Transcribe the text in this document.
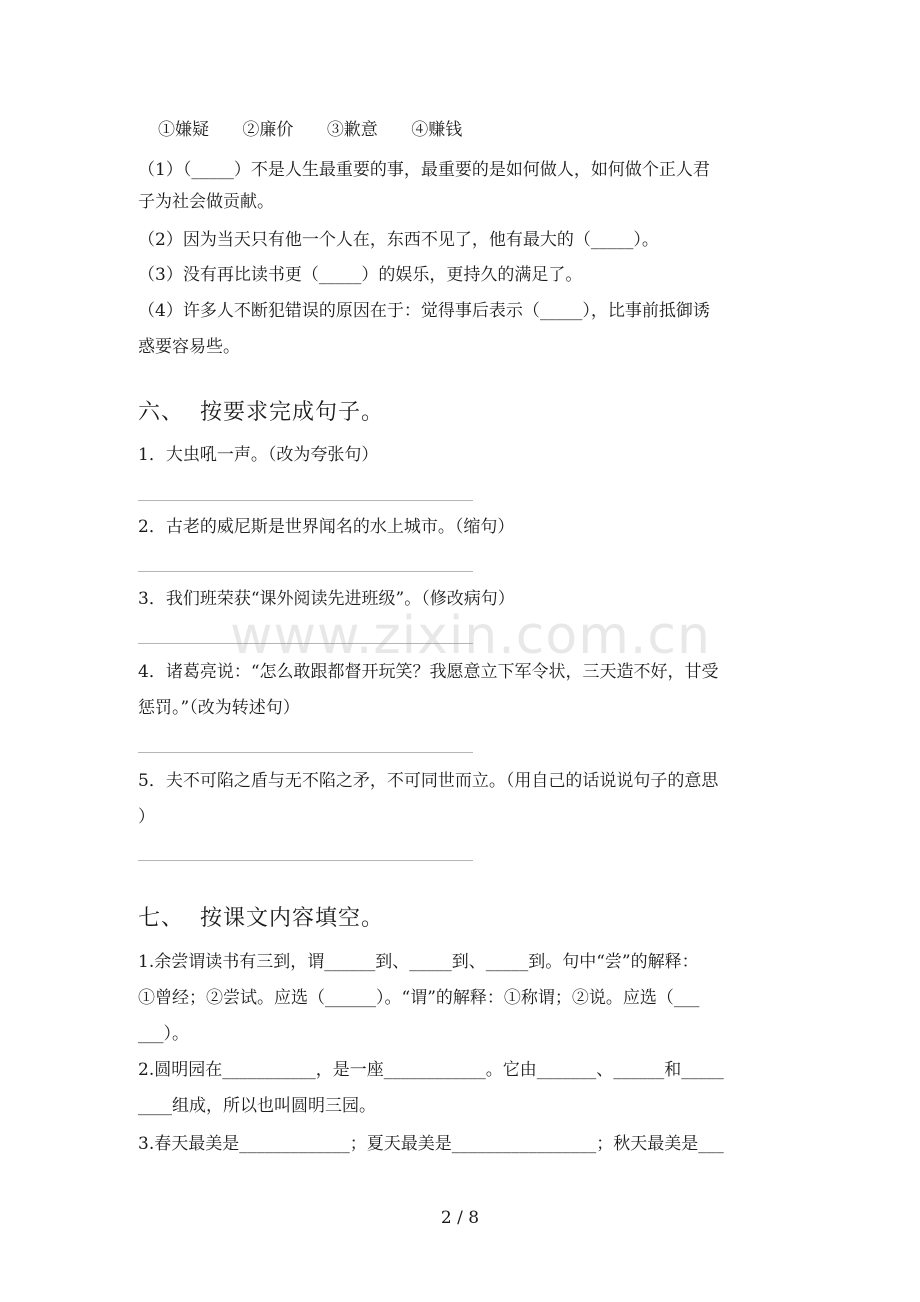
①嫌疑 ②廉价 ③歉意 ④赚钱
（1）（_____）不是人生最重要的事，最重要的是如何做人，如何做个正人君
子为社会做贡献。
（2）因为当天只有他一个人在，东西不见了，他有最大的（_____）。
（3）没有再比读书更（_____）的娱乐，更持久的满足了。
（4）许多人不断犯错误的原因在于：觉得事后表示（_____），比事前抵御诱
惑要容易些。
六、 按要求完成句子。
1．大虫吼一声。（改为夸张句）
2．古老的威尼斯是世界闻名的水上城市。（缩句）
3．我们班荣获“课外阅读先进班级”。（修改病句）
4．诸葛亮说：“怎么敢跟都督开玩笑？我愿意立下军令状，三天造不好，甘受
惩罚。”（改为转述句）
5．夫不可陷之盾与无不陷之矛，不可同世而立。（用自己的话说说句子的意思
）
七、 按课文内容填空。
1.余尝谓读书有三到，谓______到、_____到、_____到。句中“尝”的解释：
①曾经；②尝试。应选（______）。“谓”的解释：①称谓；②说。应选（___
___）。
2.圆明园在___________，是一座____________。它由_______、______和_____
____组成，所以也叫圆明三园。
3.春天最美是_____________；夏天最美是_________________；秋天最美是___
www.zixin.com.cn
2 / 8
